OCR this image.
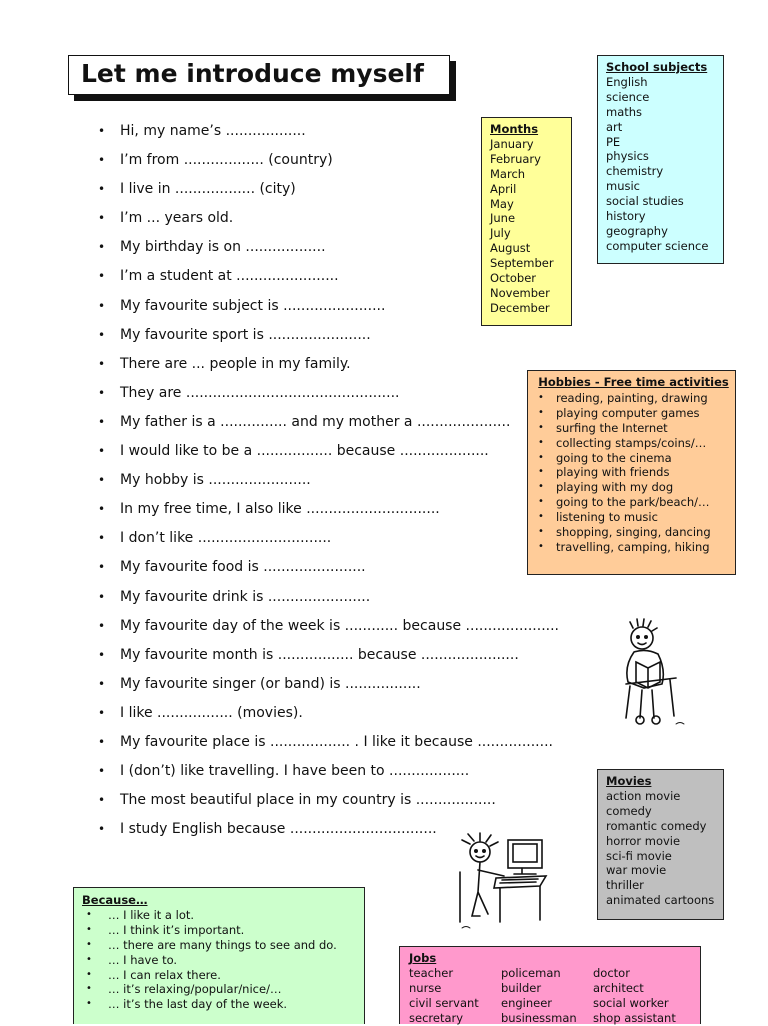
Let me introduce myself
• Hi, my name’s ..................
• I’m from .................. (country)
• I live in .................. (city)
• I’m ... years old.
• My birthday is on ..................
• I’m a student at .......................
• My favourite subject is .......................
• My favourite sport is .......................
• There are ... people in my family.
• They are ................................................
• My father is a ............... and my mother a .....................
• I would like to be a ................. because ....................
• My hobby is .......................
• In my free time, I also like ..............................
• I don’t like ..............................
• My favourite food is .......................
• My favourite drink is .......................
• My favourite day of the week is ............ because .....................
• My favourite month is ................. because ......................
• My favourite singer (or band) is .................
• I like ................. (movies).
• My favourite place is .................. . I like it because .................
• I (don’t) like travelling. I have been to ..................
• The most beautiful place in my country is ..................
• I study English because .................................
Months
January
February
March
April
May
June
July
August
September
October
November
December
School subjects
English
science
maths
art
PE
physics
chemistry
music
social studies
history
geography
computer science
Hobbies - Free time activities
• reading, painting, drawing
• playing computer games
• surfing the Internet
• collecting stamps/coins/…
• going to the cinema
• playing with friends
• playing with my dog
• going to the park/beach/…
• listening to music
• shopping, singing, dancing
• travelling, camping, hiking
Movies
action movie
comedy
romantic comedy
horror movie
sci-fi movie
war movie
thriller
animated cartoons
Because…
• … I like it a lot.
• … I think it’s important.
• … there are many things to see and do.
• … I have to.
• … I can relax there.
• … it’s relaxing/popular/nice/…
• … it’s the last day of the week.
Jobs
teacher
nurse
civil servant
secretary
policeman
builder
engineer
businessman
doctor
architect
social worker
shop assistant
